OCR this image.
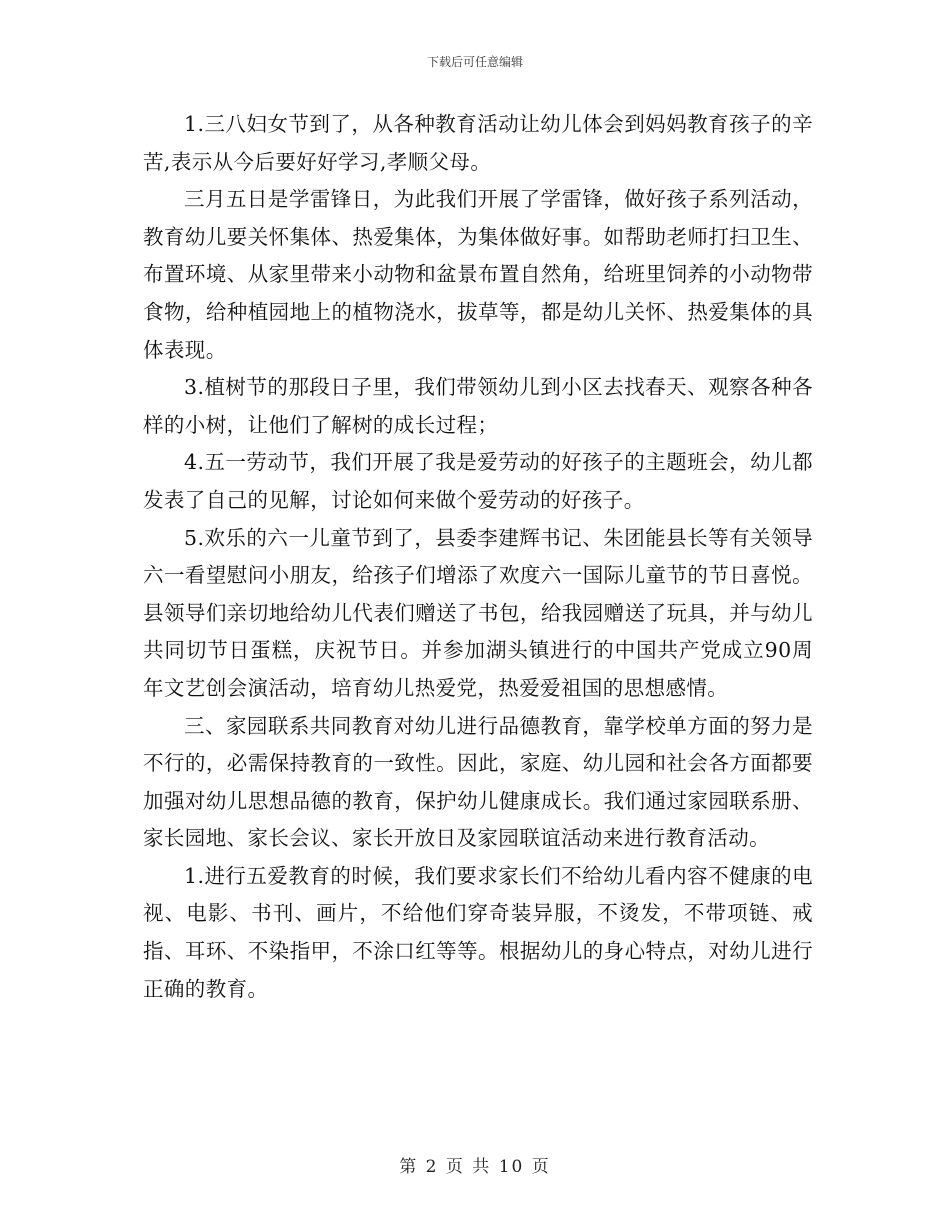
下载后可任意编辑

1.三八妇女节到了，从各种教育活动让幼儿体会到妈妈教育孩子的辛苦,表示从今后要好好学习,孝顺父母。

三月五日是学雷锋日，为此我们开展了学雷锋，做好孩子系列活动，教育幼儿要关怀集体、热爱集体，为集体做好事。如帮助老师打扫卫生、布置环境、从家里带来小动物和盆景布置自然角，给班里饲养的小动物带食物，给种植园地上的植物浇水，拔草等，都是幼儿关怀、热爱集体的具体表现。

3.植树节的那段日子里，我们带领幼儿到小区去找春天、观察各种各样的小树，让他们了解树的成长过程；

4.五一劳动节，我们开展了我是爱劳动的好孩子的主题班会，幼儿都发表了自己的见解，讨论如何来做个爱劳动的好孩子。

5.欢乐的六一儿童节到了，县委李建辉书记、朱团能县长等有关领导六一看望慰问小朋友，给孩子们增添了欢度六一国际儿童节的节日喜悦。县领导们亲切地给幼儿代表们赠送了书包，给我园赠送了玩具，并与幼儿共同切节日蛋糕，庆祝节日。并参加湖头镇进行的中国共产党成立90周年文艺创会演活动，培育幼儿热爱党，热爱爱祖国的思想感情。

三、家园联系共同教育对幼儿进行品德教育，靠学校单方面的努力是不行的，必需保持教育的一致性。因此，家庭、幼儿园和社会各方面都要加强对幼儿思想品德的教育，保护幼儿健康成长。我们通过家园联系册、家长园地、家长会议、家长开放日及家园联谊活动来进行教育活动。

1.进行五爱教育的时候，我们要求家长们不给幼儿看内容不健康的电视、电影、书刊、画片，不给他们穿奇装异服，不烫发，不带项链、戒指、耳环、不染指甲，不涂口红等等。根据幼儿的身心特点，对幼儿进行正确的教育。

第 2 页 共 10 页
